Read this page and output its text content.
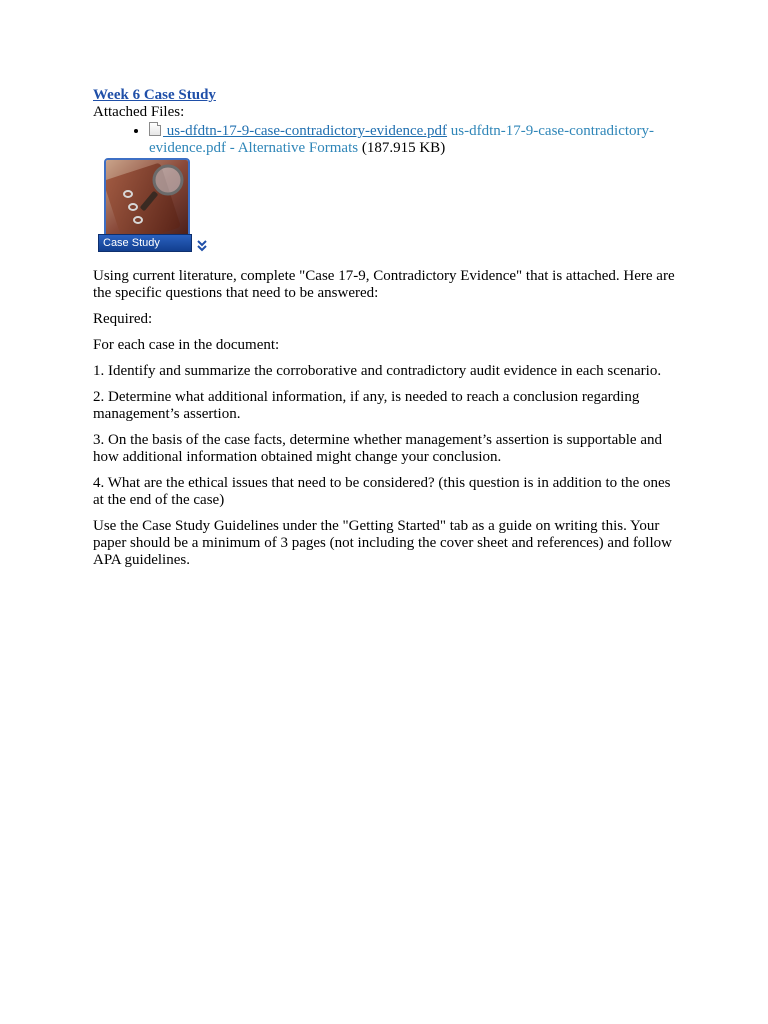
Week 6 Case Study
Attached Files:
•  us-dfdtn-17-9-case-contradictory-evidence.pdf us-dfdtn-17-9-case-contradictory-evidence.pdf - Alternative Formats (187.915 KB)
Case Study

Using current literature, complete "Case 17-9, Contradictory Evidence" that is attached. Here are the specific questions that need to be answered:

Required:

For each case in the document:

1. Identify and summarize the corroborative and contradictory audit evidence in each scenario.

2. Determine what additional information, if any, is needed to reach a conclusion regarding management’s assertion.

3. On the basis of the case facts, determine whether management’s assertion is supportable and how additional information obtained might change your conclusion.

4. What are the ethical issues that need to be considered? (this question is in addition to the ones at the end of the case)

Use the Case Study Guidelines under the "Getting Started" tab as a guide on writing this. Your paper should be a minimum of 3 pages (not including the cover sheet and references) and follow APA guidelines.
